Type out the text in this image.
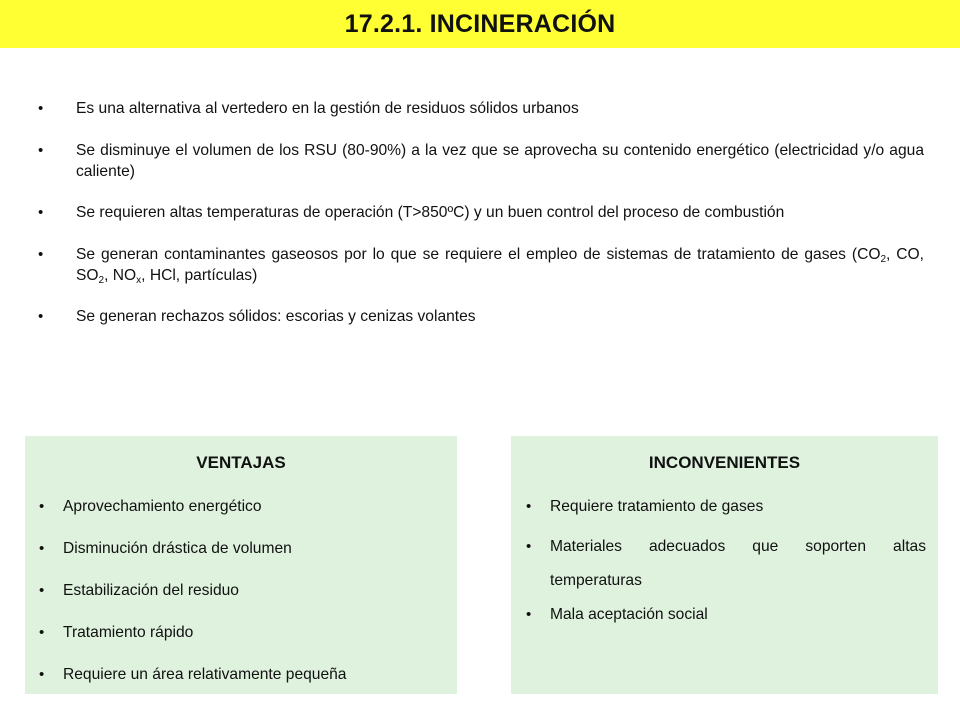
17.2.1. INCINERACIÓN
• Es una alternativa al vertedero en la gestión de residuos sólidos urbanos
• Se disminuye el volumen de los RSU (80-90%) a la vez que se aprovecha su contenido energético (electricidad y/o agua caliente)
• Se requieren altas temperaturas de operación (T>850ºC) y un buen control del proceso de combustión
• Se generan contaminantes gaseosos por lo que se requiere el empleo de sistemas de tratamiento de gases ($CO_2$, CO, $SO_2$, $NO_x$, HCl, partículas)
• Se generan rechazos sólidos: escorias y cenizas volantes
VENTAJAS
• Aprovechamiento energético
• Disminución drástica de volumen
• Estabilización del residuo
• Tratamiento rápido
• Requiere un área relativamente pequeña
INCONVENIENTES
• Requiere tratamiento de gases
• Materiales adecuados que soporten altas temperaturas
• Mala aceptación social
